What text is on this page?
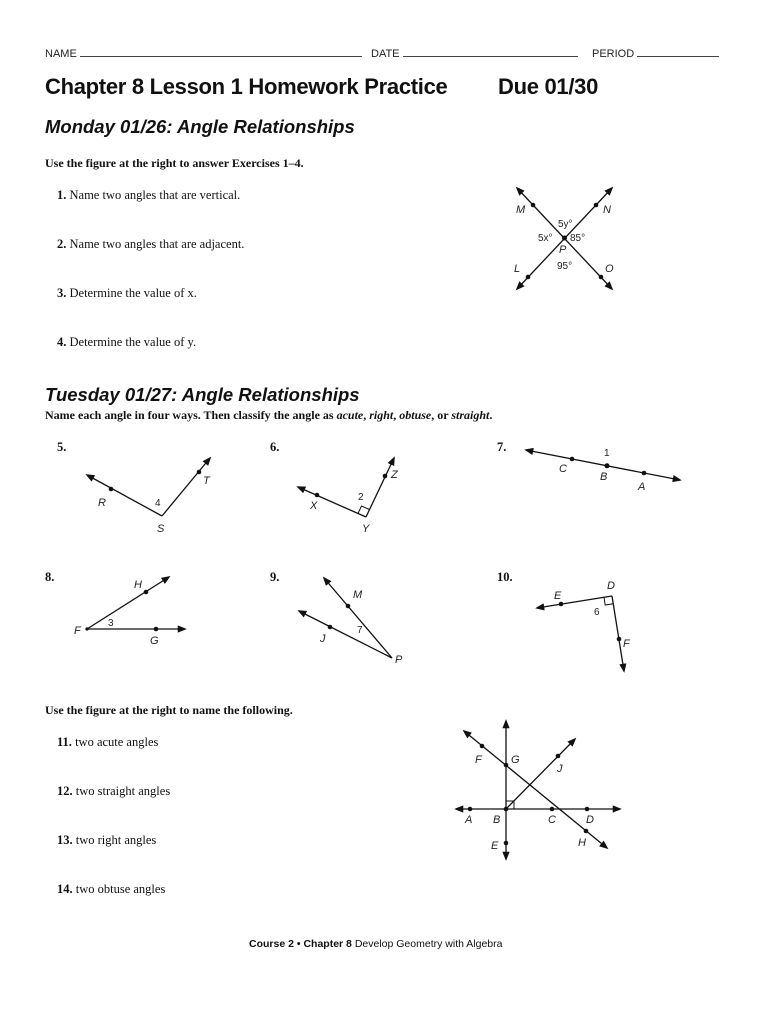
NAME	DATE	PERIOD
Chapter 8 Lesson 1 Homework Practice Due 01/30
Monday 01/26: Angle Relationships
Use the figure at the right to answer Exercises 1–4.
1. Name two angles that are vertical.
2. Name two angles that are adjacent.
3. Determine the value of x.
4. Determine the value of y.
M	N
L	O
P
5y°
5x° 85°
95°
Tuesday 01/27: Angle Relationships
Name each angle in four ways. Then classify the angle as acute, right, obtuse, or straight.
5.
R	4
T
S
6.
Z
X
2
Y
7.	1
C
B
A
8.
H
F
3
G
9.
M
J
7
P
10.
D
E
6
F
Use the figure at the right to name the following.
11. two acute angles
12. two straight angles
13. two right angles
14. two obtuse angles
F	G
J
A B	C	D
E	H
Course 2 • Chapter 8 Develop Geometry with Algebra
